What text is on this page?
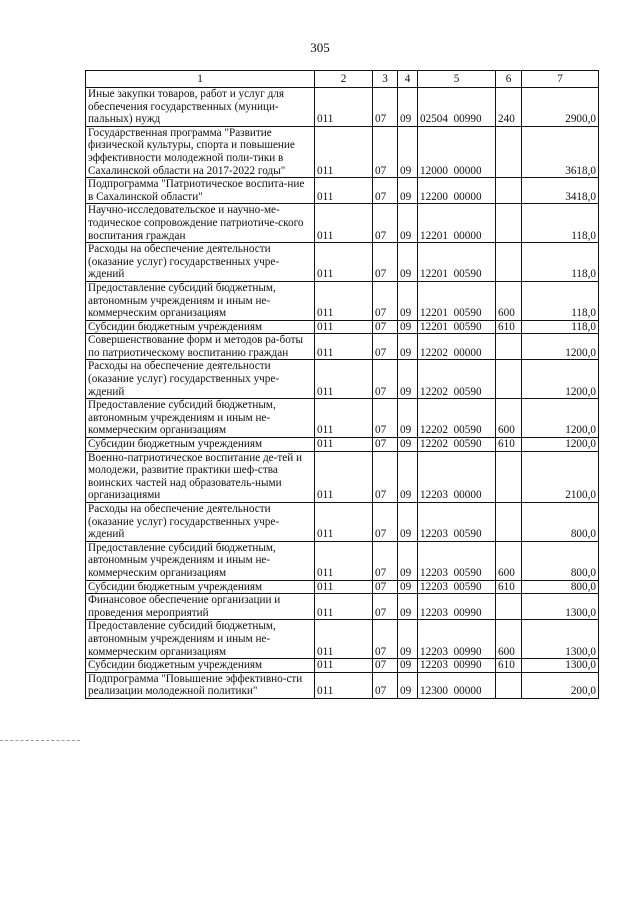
305
1	2	3	4	5	6	7
Иные закупки товаров, работ и услуг для обеспечения государственных (муници-пальных) нужд	011	07	09	02504  00990	240	2900,0
Государственная программа "Развитие физической культуры, спорта и повышение эффективности молодежной поли-тики в Сахалинской области на 2017-2022 годы"	011	07	09	12000  00000		3618,0
Подпрограмма "Патриотическое воспита-ние в Сахалинской области"	011	07	09	12200  00000		3418,0
Научно-исследовательское и научно-ме-тодическое сопровождение патриотиче-ского воспитания граждан	011	07	09	12201  00000		118,0
Расходы на обеспечение деятельности (оказание услуг) государственных учре-ждений	011	07	09	12201  00590		118,0
Предоставление субсидий бюджетным, автономным учреждениям и иным не-коммерческим организациям	011	07	09	12201  00590	600	118,0
Субсидии бюджетным учреждениям	011	07	09	12201  00590	610	118,0
Совершенствование форм и методов ра-боты по патриотическому воспитанию граждан	011	07	09	12202  00000		1200,0
Расходы на обеспечение деятельности (оказание услуг) государственных учре-ждений	011	07	09	12202  00590		1200,0
Предоставление субсидий бюджетным, автономным учреждениям и иным не-коммерческим организациям	011	07	09	12202  00590	600	1200,0
Субсидии бюджетным учреждениям	011	07	09	12202  00590	610	1200,0
Военно-патриотическое воспитание де-тей и молодежи, развитие практики шеф-ства воинских частей над образователь-ными организациями	011	07	09	12203  00000		2100,0
Расходы на обеспечение деятельности (оказание услуг) государственных учре-ждений	011	07	09	12203  00590		800,0
Предоставление субсидий бюджетным, автономным учреждениям и иным не-коммерческим организациям	011	07	09	12203  00590	600	800,0
Субсидии бюджетным учреждениям	011	07	09	12203  00590	610	800,0
Финансовое обеспечение организации и проведения мероприятий	011	07	09	12203  00990		1300,0
Предоставление субсидий бюджетным, автономным учреждениям и иным не-коммерческим организациям	011	07	09	12203  00990	600	1300,0
Субсидии бюджетным учреждениям	011	07	09	12203  00990	610	1300,0
Подпрограмма "Повышение эффективно-сти реализации молодежной политики"	011	07	09	12300  00000		200,0
